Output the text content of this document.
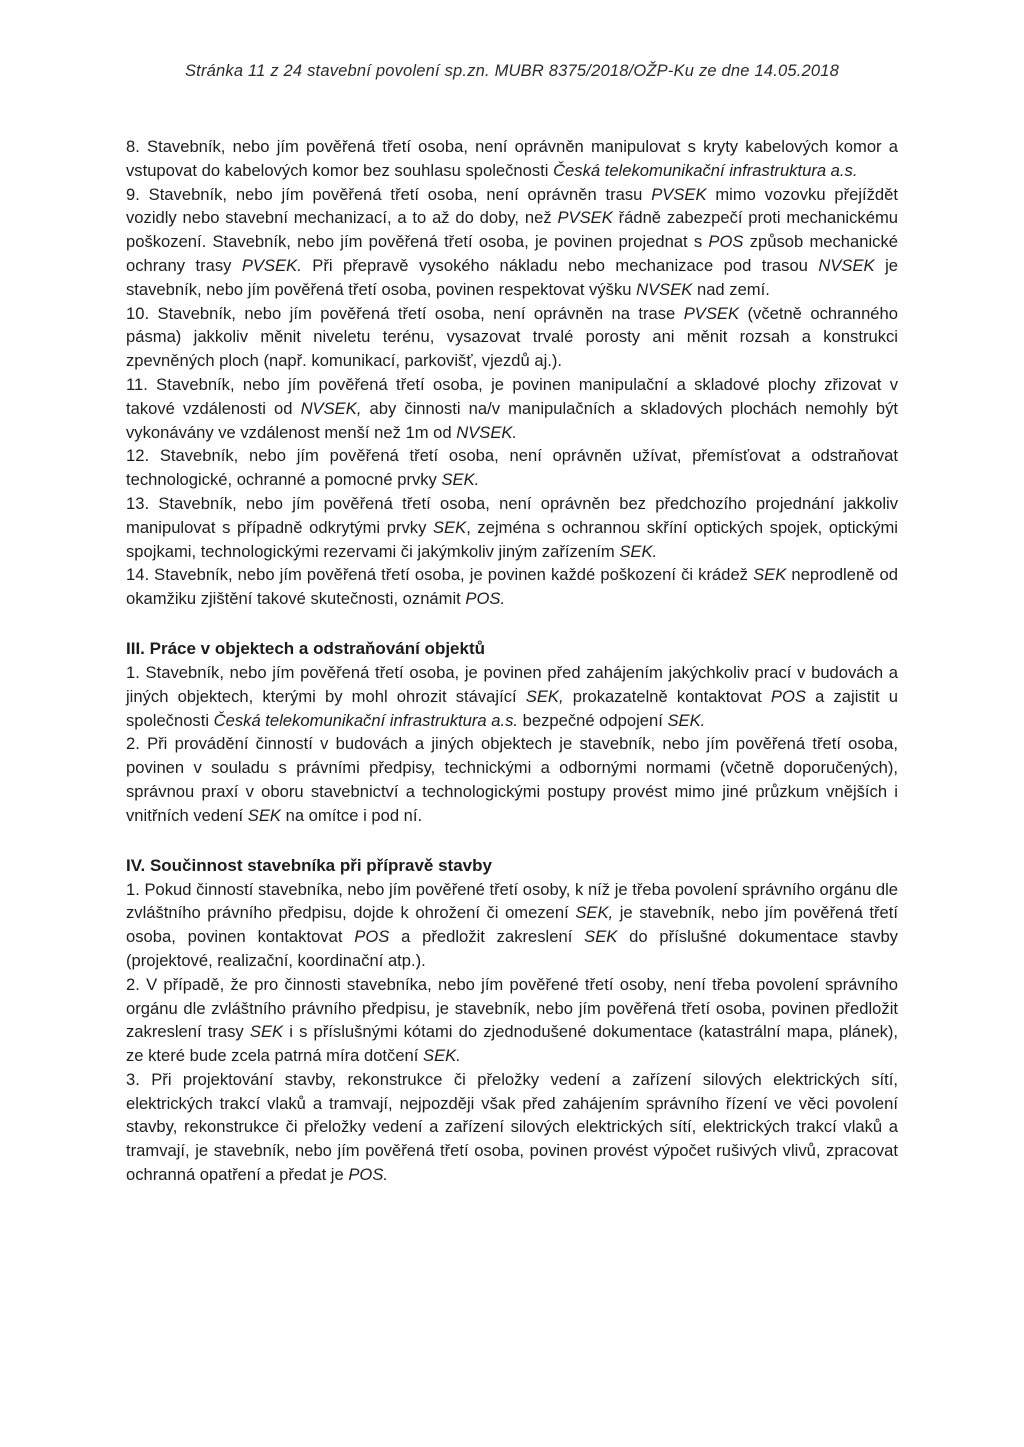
Stránka 11 z 24 stavební povolení sp.zn. MUBR 8375/2018/OŽP-Ku ze dne 14.05.2018

8. Stavebník, nebo jím pověřená třetí osoba, není oprávněn manipulovat s kryty kabelových komor a vstupovat do kabelových komor bez souhlasu společnosti Česká telekomunikační infrastruktura a.s.

9. Stavebník, nebo jím pověřená třetí osoba, není oprávněn trasu PVSEK mimo vozovku přejíždět vozidly nebo stavební mechanizací, a to až do doby, než PVSEK řádně zabezpečí proti mechanickému poškození. Stavebník, nebo jím pověřená třetí osoba, je povinen projednat s POS způsob mechanické ochrany trasy PVSEK. Při přepravě vysokého nákladu nebo mechanizace pod trasou NVSEK je stavebník, nebo jím pověřená třetí osoba, povinen respektovat výšku NVSEK nad zemí.

10. Stavebník, nebo jím pověřená třetí osoba, není oprávněn na trase PVSEK (včetně ochranného pásma) jakkoliv měnit niveletu terénu, vysazovat trvalé porosty ani měnit rozsah a konstrukci zpevněných ploch (např. komunikací, parkovišť, vjezdů aj.).

11. Stavebník, nebo jím pověřená třetí osoba, je povinen manipulační a skladové plochy zřizovat v takové vzdálenosti od NVSEK, aby činnosti na/v manipulačních a skladových plochách nemohly být vykonávány ve vzdálenost menší než 1m od NVSEK.

12. Stavebník, nebo jím pověřená třetí osoba, není oprávněn užívat, přemísťovat a odstraňovat technologické, ochranné a pomocné prvky SEK.

13. Stavebník, nebo jím pověřená třetí osoba, není oprávněn bez předchozího projednání jakkoliv manipulovat s případně odkrytými prvky SEK, zejména s ochrannou skříní optických spojek, optickými spojkami, technologickými rezervami či jakýmkoliv jiným zařízením SEK.

14. Stavebník, nebo jím pověřená třetí osoba, je povinen každé poškození či krádež SEK neprodleně od okamžiku zjištění takové skutečnosti, oznámit POS.

III. Práce v objektech a odstraňování objektů

1. Stavebník, nebo jím pověřená třetí osoba, je povinen před zahájením jakýchkoliv prací v budovách a jiných objektech, kterými by mohl ohrozit stávající SEK, prokazatelně kontaktovat POS a zajistit u společnosti Česká telekomunikační infrastruktura a.s. bezpečné odpojení SEK.

2. Při provádění činností v budovách a jiných objektech je stavebník, nebo jím pověřená třetí osoba, povinen v souladu s právními předpisy, technickými a odbornými normami (včetně doporučených), správnou praxí v oboru stavebnictví a technologickými postupy provést mimo jiné průzkum vnějších i vnitřních vedení SEK na omítce i pod ní.

IV. Součinnost stavebníka při přípravě stavby

1. Pokud činností stavebníka, nebo jím pověřené třetí osoby, k níž je třeba povolení správního orgánu dle zvláštního právního předpisu, dojde k ohrožení či omezení SEK, je stavebník, nebo jím pověřená třetí osoba, povinen kontaktovat POS a předložit zakreslení SEK do příslušné dokumentace stavby (projektové, realizační, koordinační atp.).

2. V případě, že pro činnosti stavebníka, nebo jím pověřené třetí osoby, není třeba povolení správního orgánu dle zvláštního právního předpisu, je stavebník, nebo jím pověřená třetí osoba, povinen předložit zakreslení trasy SEK i s příslušnými kótami do zjednodušené dokumentace (katastrální mapa, plánek), ze které bude zcela patrná míra dotčení SEK.

3. Při projektování stavby, rekonstrukce či přeložky vedení a zařízení silových elektrických sítí, elektrických trakcí vlaků a tramvají, nejpozději však před zahájením správního řízení ve věci povolení stavby, rekonstrukce či přeložky vedení a zařízení silových elektrických sítí, elektrických trakcí vlaků a tramvají, je stavebník, nebo jím pověřená třetí osoba, povinen provést výpočet rušivých vlivů, zpracovat ochranná opatření a předat je POS.
